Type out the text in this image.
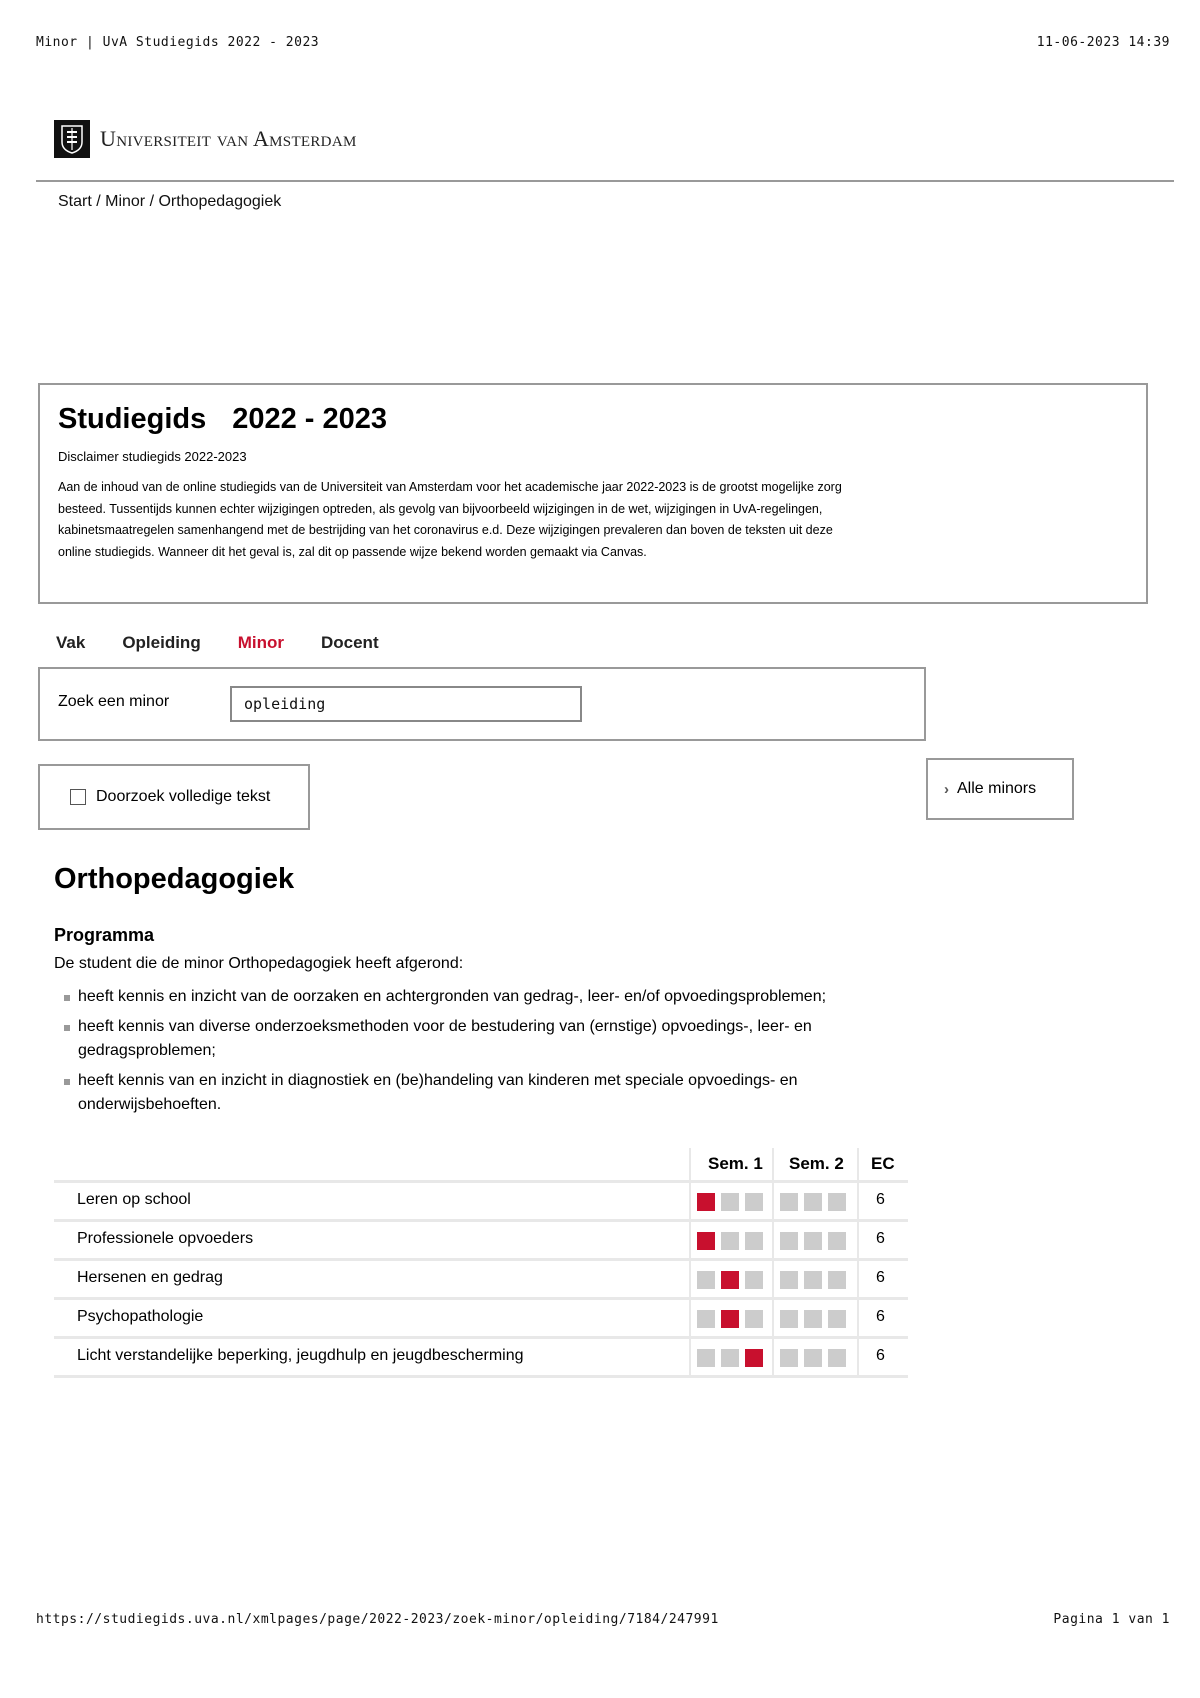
Minor | UvA Studiegids 2022 - 2023	11-06-2023 14:39
Universiteit van Amsterdam
Start / Minor / Orthopedagogiek
Studiegids 2022 - 2023
Disclaimer studiegids 2022-2023
Aan de inhoud van de online studiegids van de Universiteit van Amsterdam voor het academische jaar 2022-2023 is de grootst mogelijke zorg besteed. Tussentijds kunnen echter wijzigingen optreden, als gevolg van bijvoorbeeld wijzigingen in de wet, wijzigingen in UvA-regelingen, kabinetsmaatregelen samenhangend met de bestrijding van het coronavirus e.d. Deze wijzigingen prevaleren dan boven de teksten uit deze online studiegids. Wanneer dit het geval is, zal dit op passende wijze bekend worden gemaakt via Canvas.
Vak Opleiding Minor Docent
Zoek een minor
opleiding
Doorzoek volledige tekst	› Alle minors
Orthopedagogiek
Programma
De student die de minor Orthopedagogiek heeft afgerond:
heeft kennis en inzicht van de oorzaken en achtergronden van gedrag-, leer- en/of opvoedingsproblemen;
heeft kennis van diverse onderzoeksmethoden voor de bestudering van (ernstige) opvoedings-, leer- en gedragsproblemen;
heeft kennis van en inzicht in diagnostiek en (be)handeling van kinderen met speciale opvoedings- en onderwijsbehoeften.
Sem. 1 Sem. 2 EC
Leren op school	6
Professionele opvoeders	6
Hersenen en gedrag	6
Psychopathologie	6
Licht verstandelijke beperking, jeugdhulp en jeugdbescherming	6
https://studiegids.uva.nl/xmlpages/page/2022-2023/zoek-minor/opleiding/7184/247991	Pagina 1 van 1
